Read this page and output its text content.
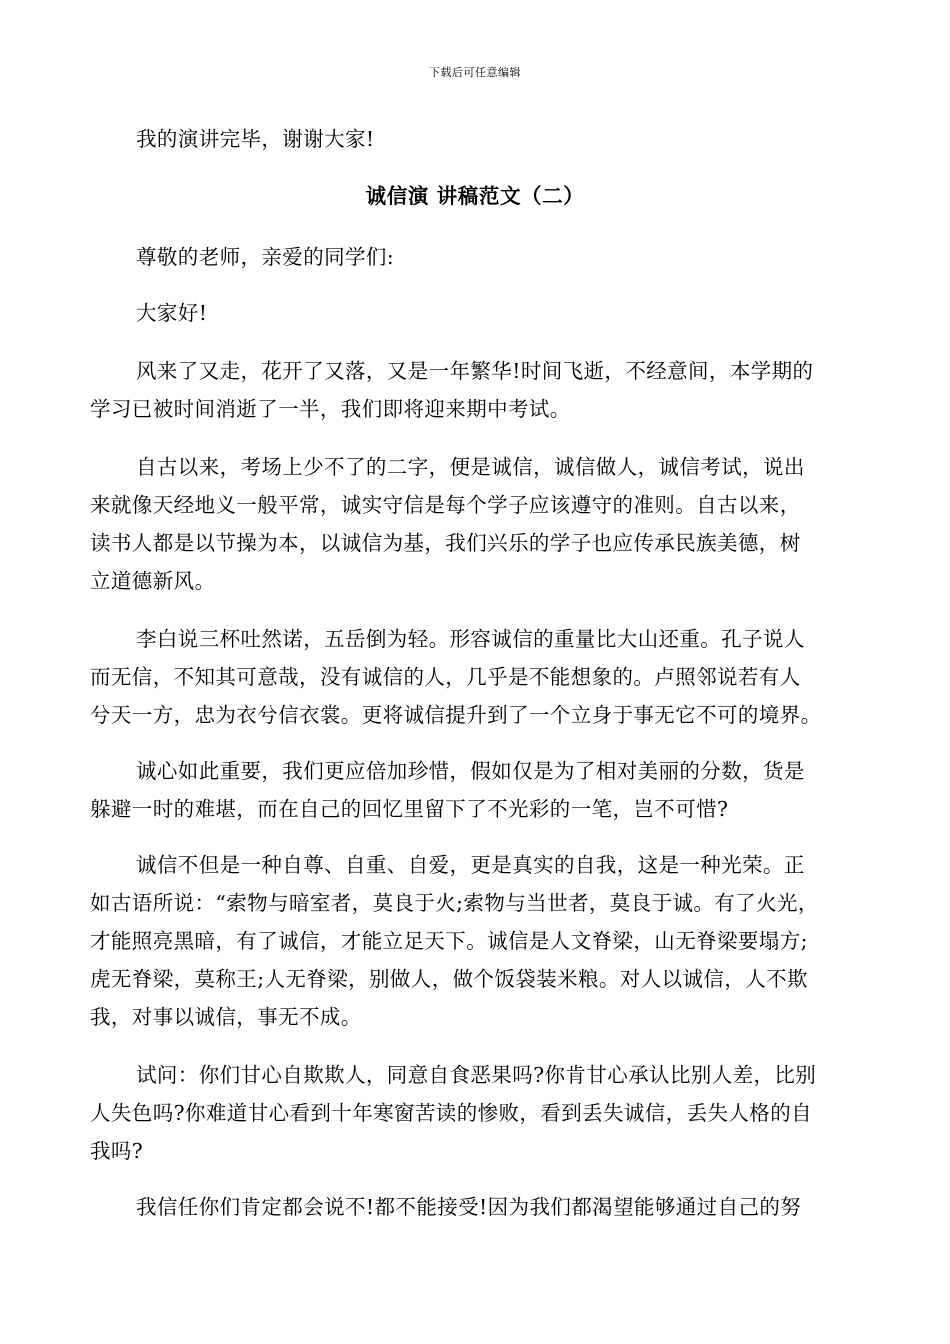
下载后可任意编辑

我的演讲完毕，谢谢大家!

诚信演 讲稿范文（二）

尊敬的老师，亲爱的同学们:

大家好!

风来了又走，花开了又落，又是一年繁华!时间飞逝，不经意间，本学期的
学习已被时间消逝了一半，我们即将迎来期中考试。
自古以来，考场上少不了的二字，便是诚信，诚信做人，诚信考试，说出
来就像天经地义一般平常，诚实守信是每个学子应该遵守的准则。自古以来，
读书人都是以节操为本，以诚信为基，我们兴乐的学子也应传承民族美德，树
立道德新风。
李白说三杯吐然诺，五岳倒为轻。形容诚信的重量比大山还重。孔子说人
而无信，不知其可意哉，没有诚信的人，几乎是不能想象的。卢照邻说若有人
兮天一方，忠为衣兮信衣裳。更将诚信提升到了一个立身于事无它不可的境界。
诚心如此重要，我们更应倍加珍惜，假如仅是为了相对美丽的分数，货是
躲避一时的难堪，而在自己的回忆里留下了不光彩的一笔，岂不可惜?
诚信不但是一种自尊、自重、自爱，更是真实的自我，这是一种光荣。正
如古语所说：“索物与暗室者，莫良于火;索物与当世者，莫良于诚。有了火光，
才能照亮黑暗，有了诚信，才能立足天下。诚信是人文脊梁，山无脊梁要塌方;
虎无脊梁，莫称王;人无脊梁，别做人，做个饭袋装米粮。对人以诚信，人不欺
我，对事以诚信，事无不成。
试问：你们甘心自欺欺人，同意自食恶果吗?你肯甘心承认比别人差，比别
人失色吗?你难道甘心看到十年寒窗苦读的惨败，看到丢失诚信，丢失人格的自
我吗?
我信任你们肯定都会说不!都不能接受!因为我们都渴望能够通过自己的努
